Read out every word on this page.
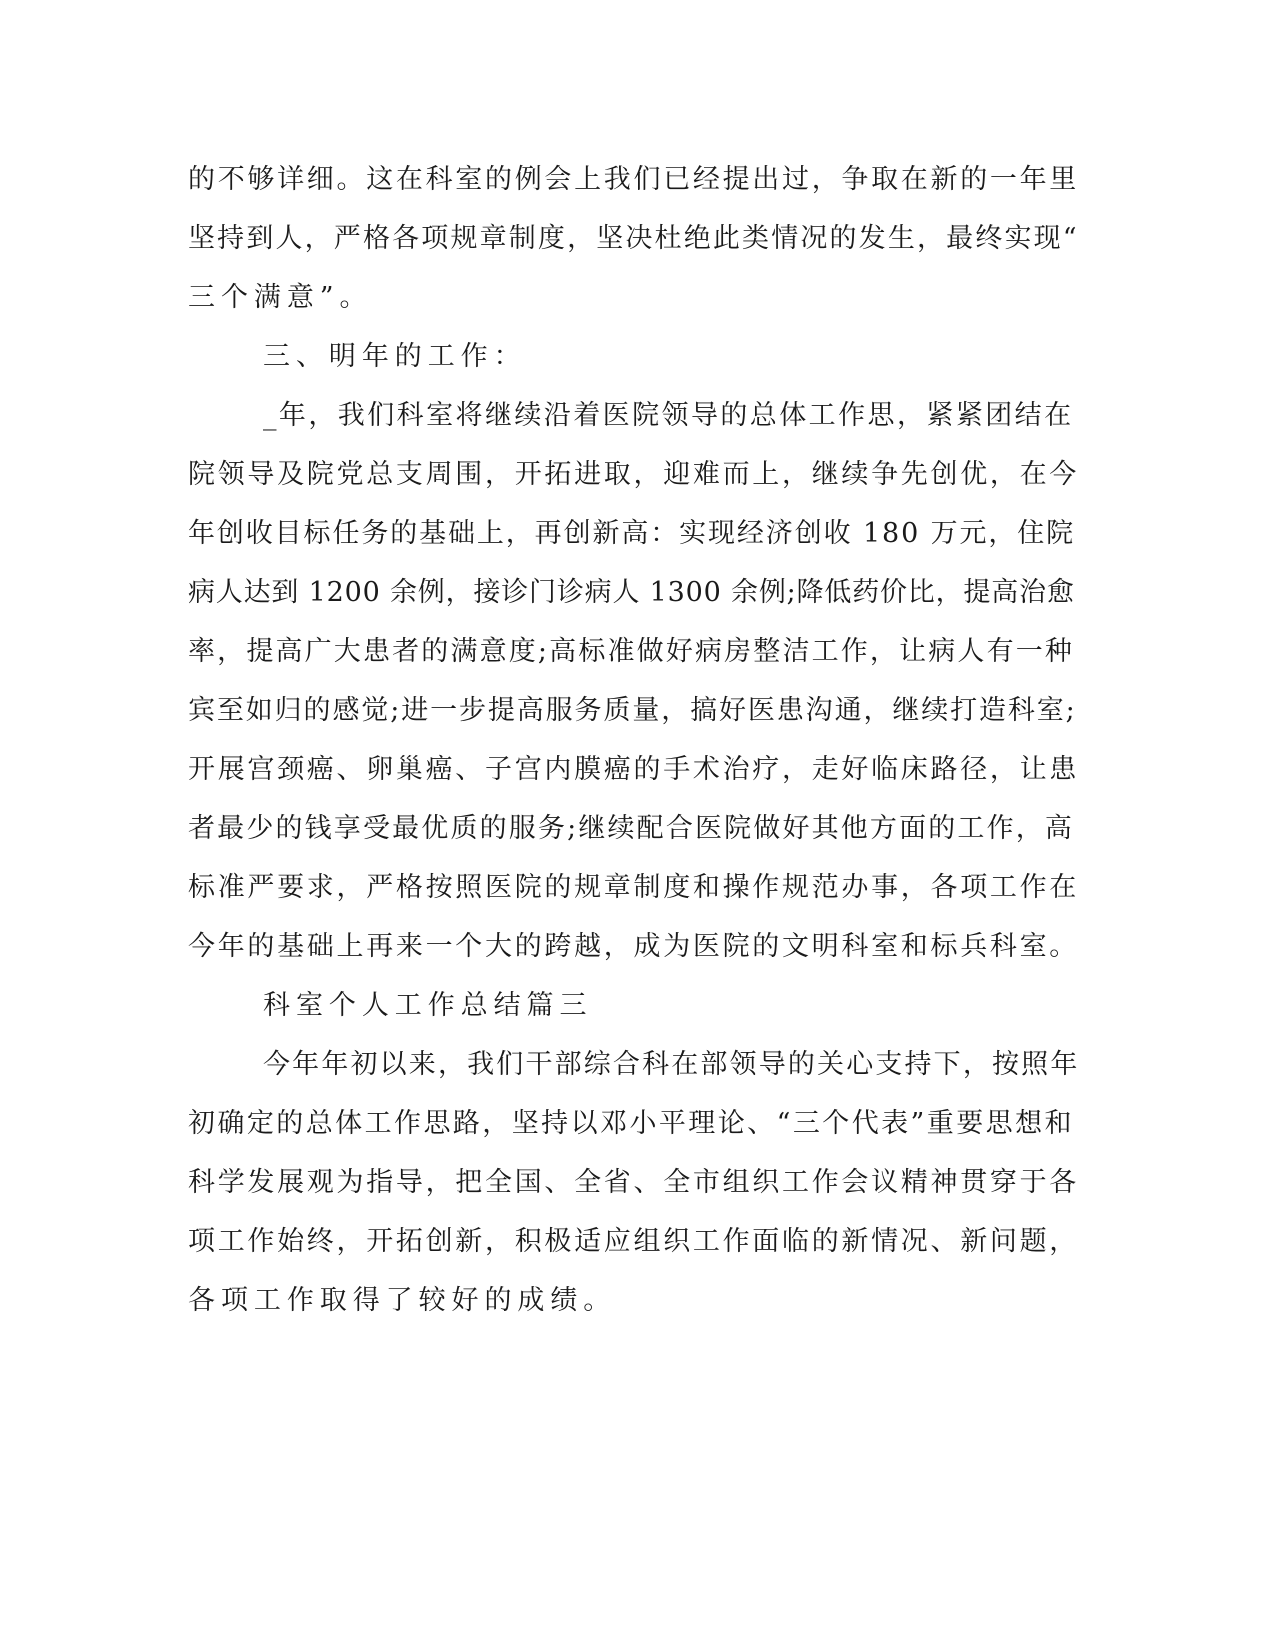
的不够详细。这在科室的例会上我们已经提出过，争取在新的一年里

坚持到人，严格各项规章制度，坚决杜绝此类情况的发生，最终实现“

三个满意”。

三、明年的工作：

_年，我们科室将继续沿着医院领导的总体工作思，紧紧团结在

院领导及院党总支周围，开拓进取，迎难而上，继续争先创优，在今

年创收目标任务的基础上，再创新高：实现经济创收 180 万元，住院

病人达到 1200 余例，接诊门诊病人 1300 余例;降低药价比，提高治愈

率，提高广大患者的满意度;高标准做好病房整洁工作，让病人有一种

宾至如归的感觉;进一步提高服务质量，搞好医患沟通，继续打造科室;

开展宫颈癌、卵巢癌、子宫内膜癌的手术治疗，走好临床路径，让患

者最少的钱享受最优质的服务;继续配合医院做好其他方面的工作，高

标准严要求，严格按照医院的规章制度和操作规范办事，各项工作在

今年的基础上再来一个大的跨越，成为医院的文明科室和标兵科室。

科室个人工作总结篇三

今年年初以来，我们干部综合科在部领导的关心支持下，按照年

初确定的总体工作思路，坚持以邓小平理论、“三个代表”重要思想和

科学发展观为指导，把全国、全省、全市组织工作会议精神贯穿于各

项工作始终，开拓创新，积极适应组织工作面临的新情况、新问题，

各项工作取得了较好的成绩。
